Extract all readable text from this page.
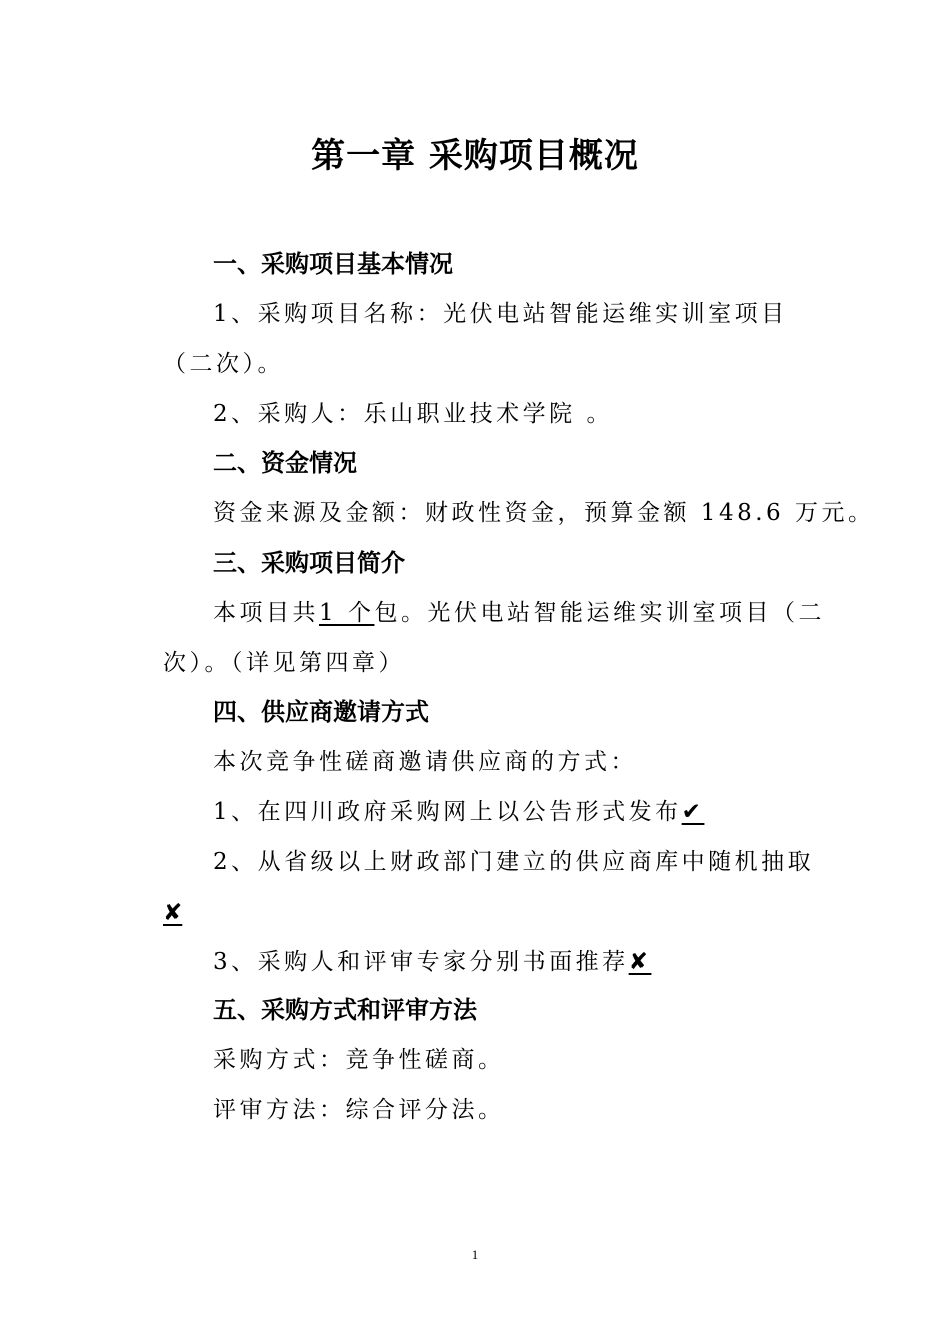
第一章 采购项目概况
一、采购项目基本情况
1、采购项目名称：光伏电站智能运维实训室项目
（二次）。
2、采购人：乐山职业技术学院 。
二、资金情况
资金来源及金额：财政性资金，预算金额 148.6 万元。
三、采购项目简介
本项目共1 个包。光伏电站智能运维实训室项目（二
次）。（详见第四章）
四、供应商邀请方式
本次竞争性磋商邀请供应商的方式：
1、在四川政府采购网上以公告形式发布✔
2、从省级以上财政部门建立的供应商库中随机抽取
✘
3、采购人和评审专家分别书面推荐✘
五、采购方式和评审方法
采购方式：竞争性磋商。
评审方法：综合评分法。
1
